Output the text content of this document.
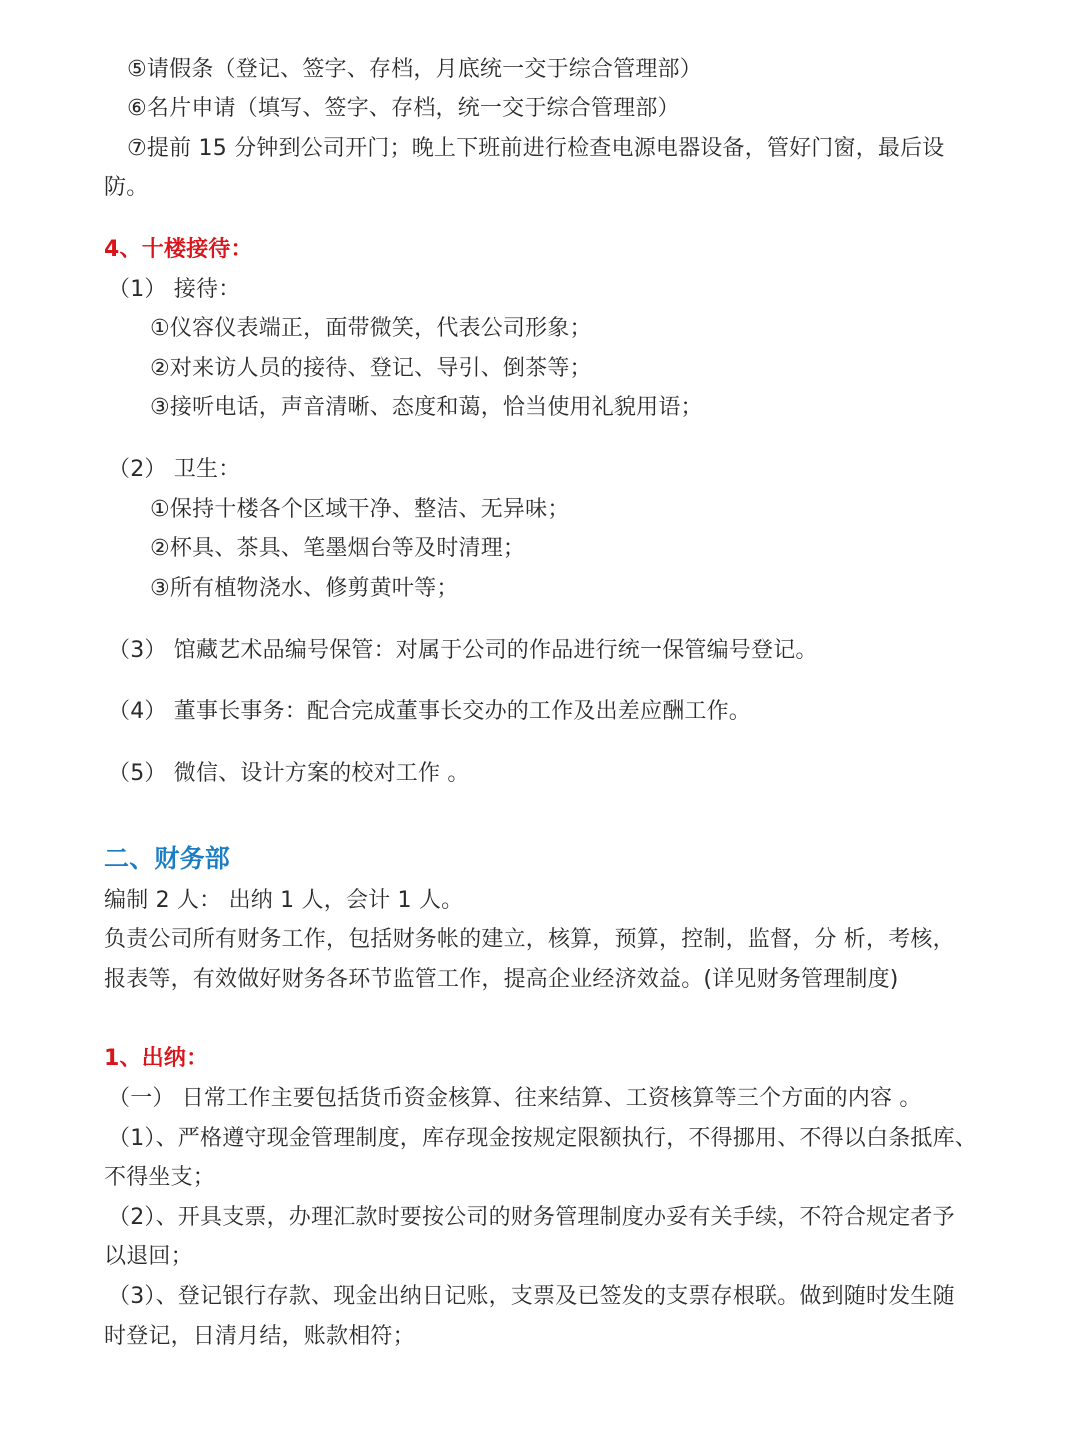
⑤请假条（登记、签字、存档，月底统一交于综合管理部）
⑥名片申请（填写、签字、存档，统一交于综合管理部）
⑦提前 15 分钟到公司开门；晚上下班前进行检查电源电器设备，管好门窗，最后设
防。
4、十楼接待：
（1） 接待：
①仪容仪表端正，面带微笑，代表公司形象；
②对来访人员的接待、登记、导引、倒茶等；
③接听电话，声音清晰、态度和蔼，恰当使用礼貌用语；
（2） 卫生：
①保持十楼各个区域干净、整洁、无异味；
②杯具、茶具、笔墨烟台等及时清理；
③所有植物浇水、修剪黄叶等；
（3） 馆藏艺术品编号保管：对属于公司的作品进行统一保管编号登记。
（4） 董事长事务：配合完成董事长交办的工作及出差应酬工作。
（5） 微信、设计方案的校对工作 。
二、财务部
编制 2 人： 出纳 1 人，会计 1 人。
负责公司所有财务工作，包括财务帐的建立，核算，预算，控制，监督，分 析，考核，
报表等，有效做好财务各环节监管工作，提高企业经济效益。(详见财务管理制度)
1、出纳：
（一） 日常工作主要包括货币资金核算、往来结算、工资核算等三个方面的内容 。
（1）、严格遵守现金管理制度，库存现金按规定限额执行，不得挪用、不得以白条抵库、
不得坐支；
（2）、开具支票，办理汇款时要按公司的财务管理制度办妥有关手续，不符合规定者予
以退回；
（3）、登记银行存款、现金出纳日记账，支票及已签发的支票存根联。做到随时发生随
时登记，日清月结，账款相符；
